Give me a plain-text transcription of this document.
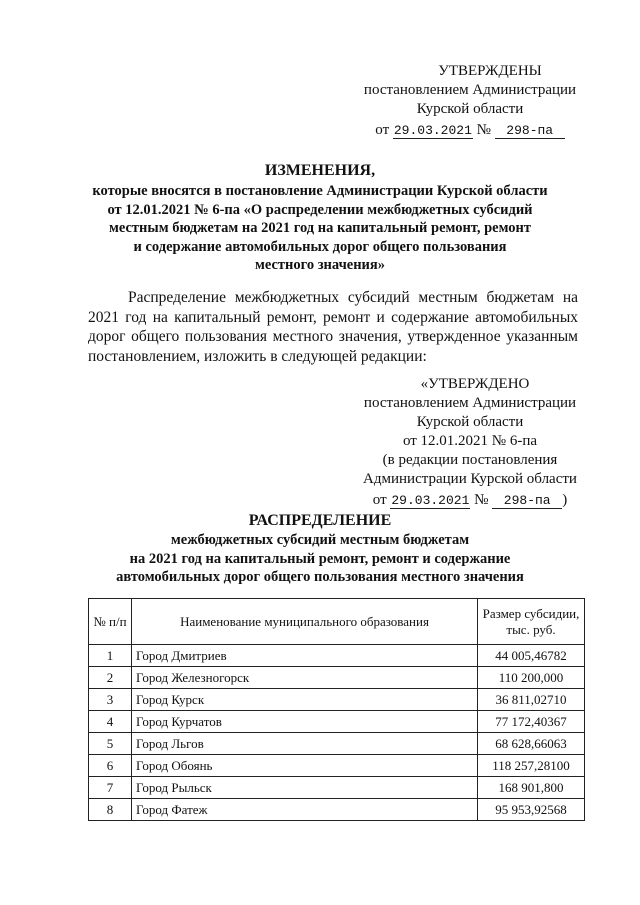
УТВЕРЖДЕНЫ
постановлением Администрации
Курской области
от 29.03.2021 № 298-па
ИЗМЕНЕНИЯ,
которые вносятся в постановление Администрации Курской области
от 12.01.2021 № 6-па «О распределении межбюджетных субсидий
местным бюджетам на 2021 год на капитальный ремонт, ремонт
и содержание автомобильных дорог общего пользования
местного значения»
Распределение межбюджетных субсидий местным бюджетам на 2021 год на капитальный ремонт, ремонт и содержание автомобильных дорог общего пользования местного значения, утвержденное указанным постановлением, изложить в следующей редакции:
«УТВЕРЖДЕНО
постановлением Администрации
Курской области
от 12.01.2021 № 6-па
(в редакции постановления
Администрации Курской области
от 29.03.2021 № 298-па )
РАСПРЕДЕЛЕНИЕ
межбюджетных субсидий местным бюджетам
на 2021 год на капитальный ремонт, ремонт и содержание
автомобильных дорог общего пользования местного значения
№ п/п	Наименование муниципального образования	Размер субсидии, тыс. руб.
1	Город Дмитриев	44 005,46782
2	Город Железногорск	110 200,000
3	Город Курск	36 811,02710
4	Город Курчатов	77 172,40367
5	Город Льгов	68 628,66063
6	Город Обоянь	118 257,28100
7	Город Рыльск	168 901,800
8	Город Фатеж	95 953,92568
